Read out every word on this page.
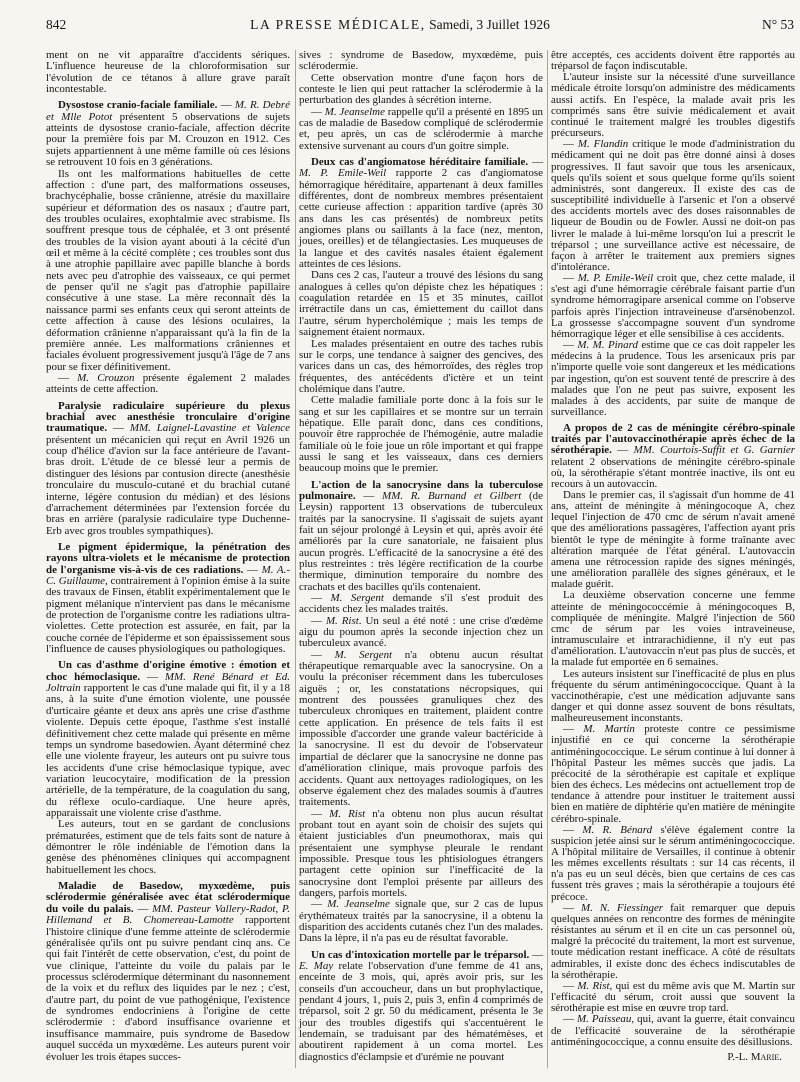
842	LA PRESSE MÉDICALE, Samedi, 3 Juillet 1926	N° 53

ment on ne vit apparaître d'accidents sériques. L'influence heureuse de la chloroformisation sur l'évolution de ce tétanos à allure grave paraît incontestable.

Dysostose cranio-faciale familiale. — M. R. Debré et Mlle Potot présentent 5 observations de sujets atteints de dysostose cranio-faciale, affection décrite pour la première fois par M. Crouzon en 1912. Ces sujets appartiennent à une même famille où ces lésions se retrouvent 10 fois en 3 générations.

Ils ont les malformations habituelles de cette affection : d'une part, des malformations osseuses, brachycéphalie, bosse crânienne, atrésie du maxillaire supérieur et déformation des os nasaux ; d'autre part, des troubles oculaires, exophtalmie avec strabisme. Ils souffrent presque tous de céphalée, et 3 ont présenté des troubles de la vision ayant abouti à la cécité d'un œil et même à la cécité complète ; ces troubles sont dus à une atrophie papillaire avec papille blanche à bords nets avec peu d'atrophie des vaisseaux, ce qui permet de penser qu'il ne s'agit pas d'atrophie papillaire consécutive à une stase. La mère reconnaît dès la naissance parmi ses enfants ceux qui seront atteints de cette affection à cause des lésions oculaires, la déformation crânienne n'apparaissant qu'à la fin de la première année. Les malformations crâniennes et faciales évoluent progressivement jusqu'à l'âge de 7 ans pour se fixer définitivement.

— M. Crouzon présente également 2 malades atteints de cette affection.

Paralysie radiculaire supérieure du plexus brachial avec anesthésie tronculaire d'origine traumatique. — MM. Laignel-Lavastine et Valence présentent un mécanicien qui reçut en Avril 1926 un coup d'hélice d'avion sur la face antérieure de l'avant-bras droit. L'étude de ce blessé leur a permis de distinguer des lésions par contusion directe (anesthésie tronculaire du musculo-cutané et du brachial cutané interne, légère contusion du médian) et des lésions d'arrachement déterminées par l'extension forcée du bras en arrière (paralysie radiculaire type Duchenne-Erb avec gros troubles sympathiques).

Le pigment épidermique, la pénétration des rayons ultra-violets et le mécanisme de protection de l'organisme vis-à-vis de ces radiations. — M. A.-C. Guillaume, contrairement à l'opinion émise à la suite des travaux de Finsen, établit expérimentalement que le pigment mélanique n'intervient pas dans le mécanisme de protection de l'organisme contre les radiations ultra-violettes. Cette protection est assurée, en fait, par la couche cornée de l'épiderme et son épaississement sous l'influence de causes physiologiques ou pathologiques.

Un cas d'asthme d'origine émotive : émotion et choc hémoclasique. — MM. René Bénard et Ed. Joltrain rapportent le cas d'une malade qui fit, il y a 18 ans, à la suite d'une émotion violente, une poussée d'urticaire géante et deux ans après une crise d'asthme violente. Depuis cette époque, l'asthme s'est installé définitivement chez cette malade qui présente en même temps un syndrome basedowien. Ayant déterminé chez elle une violente frayeur, les auteurs ont pu suivre tous les accidents d'une crise hémoclasique typique, avec variation leucocytaire, modification de la pression artérielle, de la température, de la coagulation du sang, du réflexe oculo-cardiaque. Une heure après, apparaissait une violente crise d'asthme.

Les auteurs, tout en se gardant de conclusions prématurées, estiment que de tels faits sont de nature à démontrer le rôle indéniable de l'émotion dans la genèse des phénomènes cliniques qui accompagnent habituellement les chocs.

Maladie de Basedow, myxœdème, puis sclérodermie généralisée avec état sclérodermique du voile du palais. — MM. Pasteur Vallery-Radot, P. Hillemand et B. Chomereau-Lamotte rapportent l'histoire clinique d'une femme atteinte de sclérodermie généralisée qu'ils ont pu suivre pendant cinq ans. Ce qui fait l'intérêt de cette observation, c'est, du point de vue clinique, l'atteinte du voile du palais par le processus sclérodermique déterminant du nasonnement de la voix et du reflux des liquides par le nez ; c'est, d'autre part, du point de vue pathogénique, l'existence de syndromes endocriniens à l'origine de cette sclérodermie : d'abord insuffisance ovarienne et insuffisance mammaire, puis syndrome de Basedow auquel succéda un myxœdème. Les auteurs purent voir évoluer les trois étapes succes-

sives : syndrome de Basedow, myxœdème, puis sclérodermie.

Cette observation montre d'une façon hors de conteste le lien qui peut rattacher la sclérodermie à la perturbation des glandes à sécrétion interne.

— M. Jeanselme rappelle qu'il a présenté en 1895 un cas de maladie de Basedow compliqué de sclérodermie et, peu après, un cas de sclérodermie à marche extensive survenant au cours d'un goitre simple.

Deux cas d'angiomatose héréditaire familiale. — M. P. Emile-Weil rapporte 2 cas d'angiomatose hémorragique héréditaire, appartenant à deux familles différentes, dont de nombreux membres présentaient cette curieuse affection : apparition tardive (après 30 ans dans les cas présentés) de nombreux petits angiomes plans ou saillants à la face (nez, menton, joues, oreilles) et de télangiectasies. Les muqueuses de la langue et des cavités nasales étaient également atteintes de ces lésions.

Dans ces 2 cas, l'auteur a trouvé des lésions du sang analogues à celles qu'on dépiste chez les hépatiques : coagulation retardée en 15 et 35 minutes, caillot irrétractile dans un cas, émiettement du caillot dans l'autre, sérum hypercholémique ; mais les temps de saignement étaient normaux.

Les malades présentaient en outre des taches rubis sur le corps, une tendance à saigner des gencives, des varices dans un cas, des hémorroïdes, des règles trop fréquentes, des antécédents d'ictère et un teint cholémique dans l'autre.

Cette maladie familiale porte donc à la fois sur le sang et sur les capillaires et se montre sur un terrain hépatique. Elle paraît donc, dans ces conditions, pouvoir être rapprochée de l'hémogénie, autre maladie familiale où le foie joue un rôle important et qui frappe aussi le sang et les vaisseaux, dans ces derniers beaucoup moins que le premier.

L'action de la sanocrysine dans la tuberculose pulmonaire. — MM. R. Burnand et Gilbert (de Leysin) rapportent 13 observations de tuberculeux traités par la sanocrysine. Il s'agissait de sujets ayant fait un séjour prolongé à Leysin et qui, après avoir été améliorés par la cure sanatoriale, ne faisaient plus aucun progrès. L'efficacité de la sanocrysine a été des plus restreintes : très légère rectification de la courbe thermique, diminution temporaire du nombre des crachats et des bacilles qu'ils contenaient.

— M. Sergent demande s'il s'est produit des accidents chez les malades traités.

— M. Rist. Un seul a été noté : une crise d'œdème aigu du poumon après la seconde injection chez un tuberculeux avancé.

— M. Sergent n'a obtenu aucun résultat thérapeutique remarquable avec la sanocrysine. On a voulu la préconiser récemment dans les tuberculoses aiguës ; or, les constatations nécropsiques, qui montrent des poussées granuliques chez des tuberculeux chroniques en traitement, plaident contre cette application. En présence de tels faits il est impossible d'accorder une grande valeur bactéricide à la sanocrysine. Il est du devoir de l'observateur impartial de déclarer que la sanocrysine ne donne pas d'amélioration clinique, mais provoque parfois des accidents. Quant aux nettoyages radiologiques, on les observe également chez des malades soumis à d'autres traitements.

— M. Rist n'a obtenu non plus aucun résultat probant tout en ayant soin de choisir des sujets qui étaient justiciables d'un pneumothorax, mais qui présentaient une symphyse pleurale le rendant impossible. Presque tous les phtisiologues étrangers partagent cette opinion sur l'inefficacité de la sanocrysine dont l'emploi présente par ailleurs des dangers, parfois mortels.

— M. Jeanselme signale que, sur 2 cas de lupus érythémateux traités par la sanocrysine, il a obtenu la disparition des accidents cutanés chez l'un des malades. Dans la lèpre, il n'a pas eu de résultat favorable.

Un cas d'intoxication mortelle par le tréparsol. — E. May relate l'observation d'une femme de 41 ans, enceinte de 3 mois, qui, après avoir pris, sur les conseils d'un accoucheur, dans un but prophylactique, pendant 4 jours, 1, puis 2, puis 3, enfin 4 comprimés de tréparsol, soit 2 gr. 50 du médicament, présenta le 3e jour des troubles digestifs qui s'accentuèrent le lendemain, se traduisant par des hématémèses, et aboutirent rapidement à un coma mortel. Les diagnostics d'éclampsie et d'urémie ne pouvant

être acceptés, ces accidents doivent être rapportés au tréparsol de façon indiscutable.

L'auteur insiste sur la nécessité d'une surveillance médicale étroite lorsqu'on administre des médicaments aussi actifs. En l'espèce, la malade avait pris les comprimés sans être suivie médicalement et avait continué le traitement malgré les troubles digestifs précurseurs.

— M. Flandin critique le mode d'administration du médicament qui ne doit pas être donné ainsi à doses progressives. Il faut savoir que tous les arsenicaux, quels qu'ils soient et sous quelque forme qu'ils soient administrés, sont dangereux. Il existe des cas de susceptibilité individuelle à l'arsenic et l'on a observé des accidents mortels avec des doses raisonnables de liqueur de Boudin ou de Fowler. Aussi ne doit-on pas livrer le malade à lui-même lorsqu'on lui a prescrit le tréparsol ; une surveillance active est nécessaire, de façon à arrêter le traitement aux premiers signes d'intolérance.

— M. P. Emile-Weil croit que, chez cette malade, il s'est agi d'une hémorragie cérébrale faisant partie d'un syndrome hémorragipare arsenical comme on l'observe parfois après l'injection intraveineuse d'arsénobenzol. La grossesse s'accompagne souvent d'un syndrome hémorragique léger et elle sensibilise à ces accidents.

— M. M. Pinard estime que ce cas doit rappeler les médecins à la prudence. Tous les arsenicaux pris par n'importe quelle voie sont dangereux et les médications par ingestion, qu'on est souvent tenté de prescrire à des malades que l'on ne peut pas suivre, exposent les malades à des accidents, par suite de manque de surveillance.

A propos de 2 cas de méningite cérébro-spinale traités par l'autovaccinothérapie après échec de la sérothérapie. — MM. Courtois-Suffit et G. Garnier relatent 2 observations de méningite cérébro-spinale où, la sérothérapie s'étant montrée inactive, ils ont eu recours à un autovaccin.

Dans le premier cas, il s'agissait d'un homme de 41 ans, atteint de méningite à méningocoque A, chez lequel l'injection de 470 cmc de sérum n'avait amené que des améliorations passagères, l'affection ayant pris bientôt le type de méningite à forme traînante avec altération marquée de l'état général. L'autovaccin amena une rétrocession rapide des signes méningés, une amélioration parallèle des signes généraux, et le malade guérit.

La deuxième observation concerne une femme atteinte de méningococcémie à méningocoques B, compliquée de méningite. Malgré l'injection de 560 cmc de sérum par les voies intraveineuse, intramusculaire et intrarachidienne, il n'y eut pas d'amélioration. L'autovaccin n'eut pas plus de succès, et la malade fut emportée en 6 semaines.

Les auteurs insistent sur l'inefficacité de plus en plus fréquente du sérum antiméningococcique. Quant à la vaccinothérapie, c'est une médication adjuvante sans danger et qui donne assez souvent de bons résultats, malheureusement inconstants.

— M. Martin proteste contre ce pessimisme injustifié en ce qui concerne la sérothérapie antiméningococcique. Le sérum continue à lui donner à l'hôpital Pasteur les mêmes succès que jadis. La précocité de la sérothérapie est capitale et explique bien des échecs. Les médecins ont actuellement trop de tendance à attendre pour instituer le traitement aussi bien en matière de diphtérie qu'en matière de méningite cérébro-spinale.

— M. R. Bénard s'élève également contre la suspicion jetée ainsi sur le sérum antiméningococcique. A l'hôpital militaire de Versailles, il continue à obtenir les mêmes excellents résultats : sur 14 cas récents, il n'a pas eu un seul décès, bien que certains de ces cas fussent très graves ; mais la sérothérapie a toujours été précoce.

— M. N. Fiessinger fait remarquer que depuis quelques années on rencontre des formes de méningite résistantes au sérum et il en cite un cas personnel où, malgré la précocité du traitement, la mort est survenue, toute médication restant inefficace. A côté de résultats admirables, il existe donc des échecs indiscutables de la sérothérapie.

— M. Rist, qui est du même avis que M. Martin sur l'efficacité du sérum, croit aussi que souvent la sérothérapie est mise en œuvre trop tard.

— M. Paisseau, qui, avant la guerre, était convaincu de l'efficacité souveraine de la sérothérapie antiméningococcique, a connu ensuite des désillusions.

P.-L. Marie.
